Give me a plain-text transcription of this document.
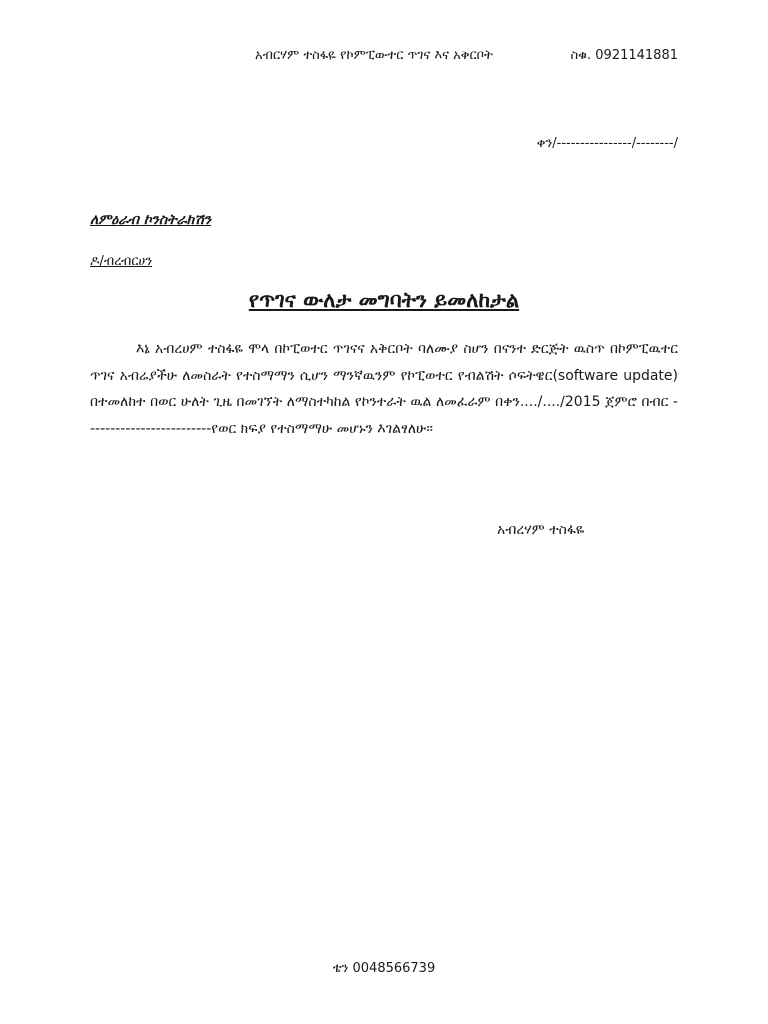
አብርሃም ተስፋዬ የኮምፒውተር ጥገና እና አቅርቦት	ስቁ. 0921141881
ቀን/----------------/--------/
ለምዕራብ ኮንስትራክሽን
ዶ/ብረብርሀን
የጥገና ውለታ መግባትን ይመለከታል

እኔ አብረሀም ተስፋዬ ሞላ በኮፒወተር ጥገናና አቅርቦት ባለሙያ ስሆን በናንተ ድርጅት ዉስጥ በኮምፒዉተር ጥገና አብሬያችሁ ለመስራት የተስማማን ሲሆን ማንኛዉንም የኮፒወተር የብልሽት ሶፍትዌር(software update) በተመለከተ በወር ሁለት ጊዜ በመገኘት ለማስተካከል የኮንተራት ዉል ለመፈራም በቀን..../..../2015 ጀምሮ በብር -------------------------የወር ክፍያ የተስማማሁ መሆኑን እገልፃለሁ፡፡

አብረሃም ተስፋዬ
ቴን 0048566739
